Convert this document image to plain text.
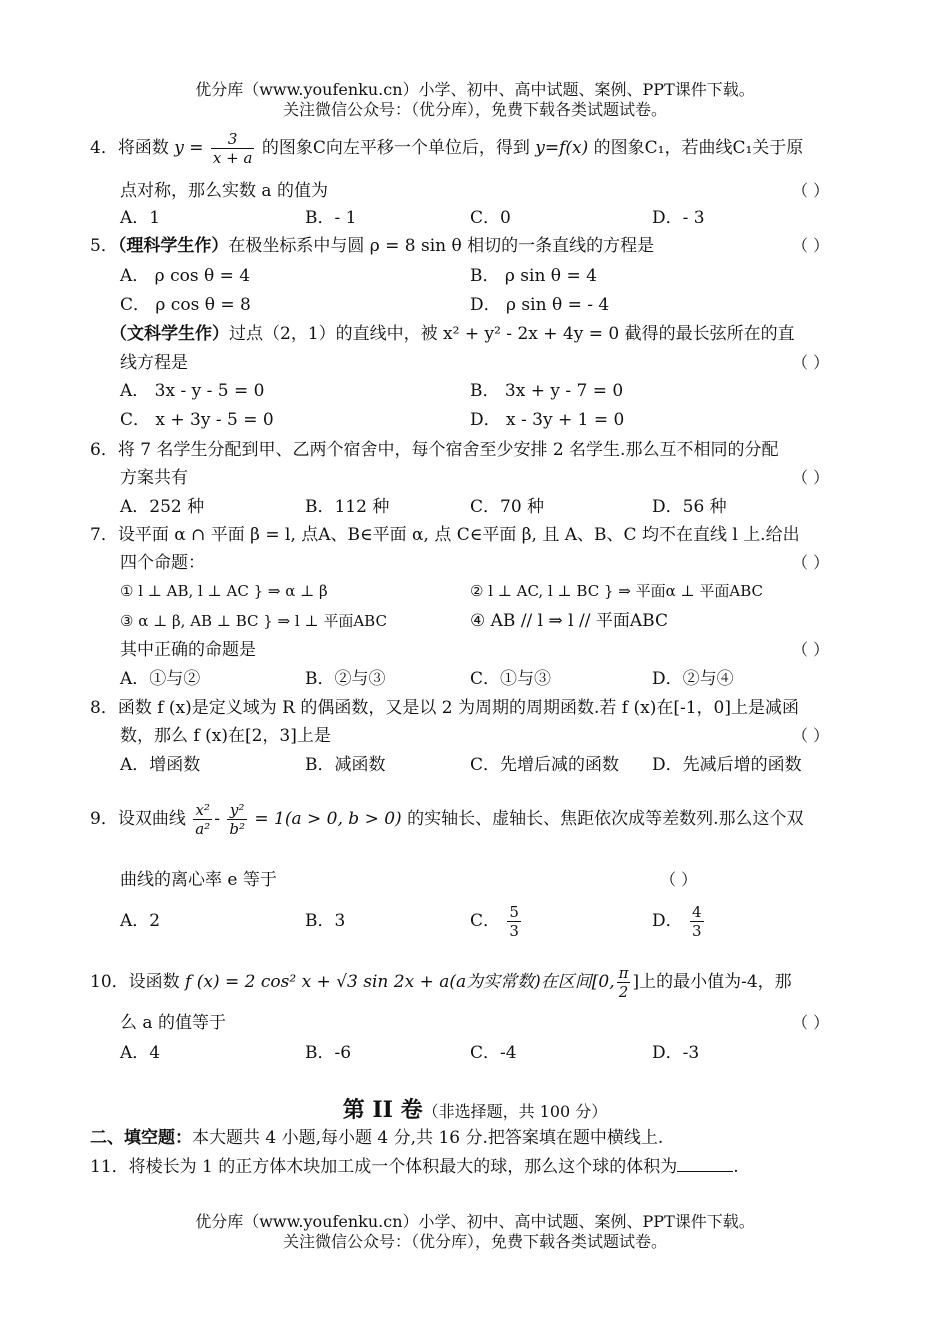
优分库（www.youfenku.cn）小学、初中、高中试题、案例、PPT课件下载。
关注微信公众号：（优分库），免费下载各类试题试卷。
4．将函数 $y = \frac{3}{x + a}$ 的图象C向左平移一个单位后，得到 y=f(x) 的图象C₁，若曲线C₁关于原
点对称，那么实数 a 的值为	（ ）
A．1	B．- 1	C．0	D．- 3
5．（理科学生作）在极坐标系中与圆 ρ = 8 sin θ 相切的一条直线的方程是	（ ）
A． ρ cos θ = 4	B． ρ sin θ = 4
C． ρ cos θ = 8	D． ρ sin θ = - 4
（文科学生作）过点（2，1）的直线中，被 x² + y² - 2x + 4y = 0 截得的最长弦所在的直
线方程是	（ ）
A． 3x - y - 5 = 0	B． 3x + y - 7 = 0
C． x + 3y - 5 = 0	D． x - 3y + 1 = 0
6．将 7 名学生分配到甲、乙两个宿舍中，每个宿舍至少安排 2 名学生.那么互不相同的分配
方案共有	（ ）
A．252 种	B．112 种	C．70 种	D．56 种
7．设平面 α ∩ 平面 β = l, 点A、B∈平面 α, 点 C∈平面 β, 且 A、B、C 均不在直线 l 上.给出
四个命题：	（ ）
① l ⊥ AB, l ⊥ AC } ⇒ α ⊥ β	② l ⊥ AC, l ⊥ BC } ⇒ 平面α ⊥ 平面ABC
③ α ⊥ β, AB ⊥ BC } ⇒ l ⊥ 平面ABC	④ AB // l ⇒ l // 平面ABC
其中正确的命题是	（ ）
A．①与②	B．②与③	C．①与③	D．②与④
8．函数 f (x)是定义域为 R 的偶函数，又是以 2 为周期的周期函数.若 f (x)在[-1，0]上是减函
数，那么 f (x)在[2，3]上是	（ ）
A．增函数	B．减函数	C．先增后减的函数 D．先减后增的函数
9．设双曲线 $\frac{\text{x²}}{\text{a²}} - \frac{\text{y²}}{\text{b²}} = 1(a > 0$, b > 0) 的实轴长、虚轴长、焦距依次成等差数列.那么这个双
曲线的离心率 e 等于	（ ）
A．2	B．3	C． $\frac{5}{3}$	D． $\frac{4}{3}$
10．设函数 f (x) = 2 cos² x + √3 sin 2x + a(a为实常数)在区间[0, $\frac{\pi}{2}$ ]上的最小值为-4，那
么 a 的值等于	（ ）
A．4	B．-6	C．-4	D．-3
第 II 卷（非选择题，共 100 分）
二、填空题：本大题共 4 小题,每小题 4 分,共 16 分.把答案填在题中横线上.
11．将棱长为 1 的正方体木块加工成一个体积最大的球，那么这个球的体积为	.
优分库（www.youfenku.cn）小学、初中、高中试题、案例、PPT课件下载。
关注微信公众号：（优分库），免费下载各类试题试卷。
